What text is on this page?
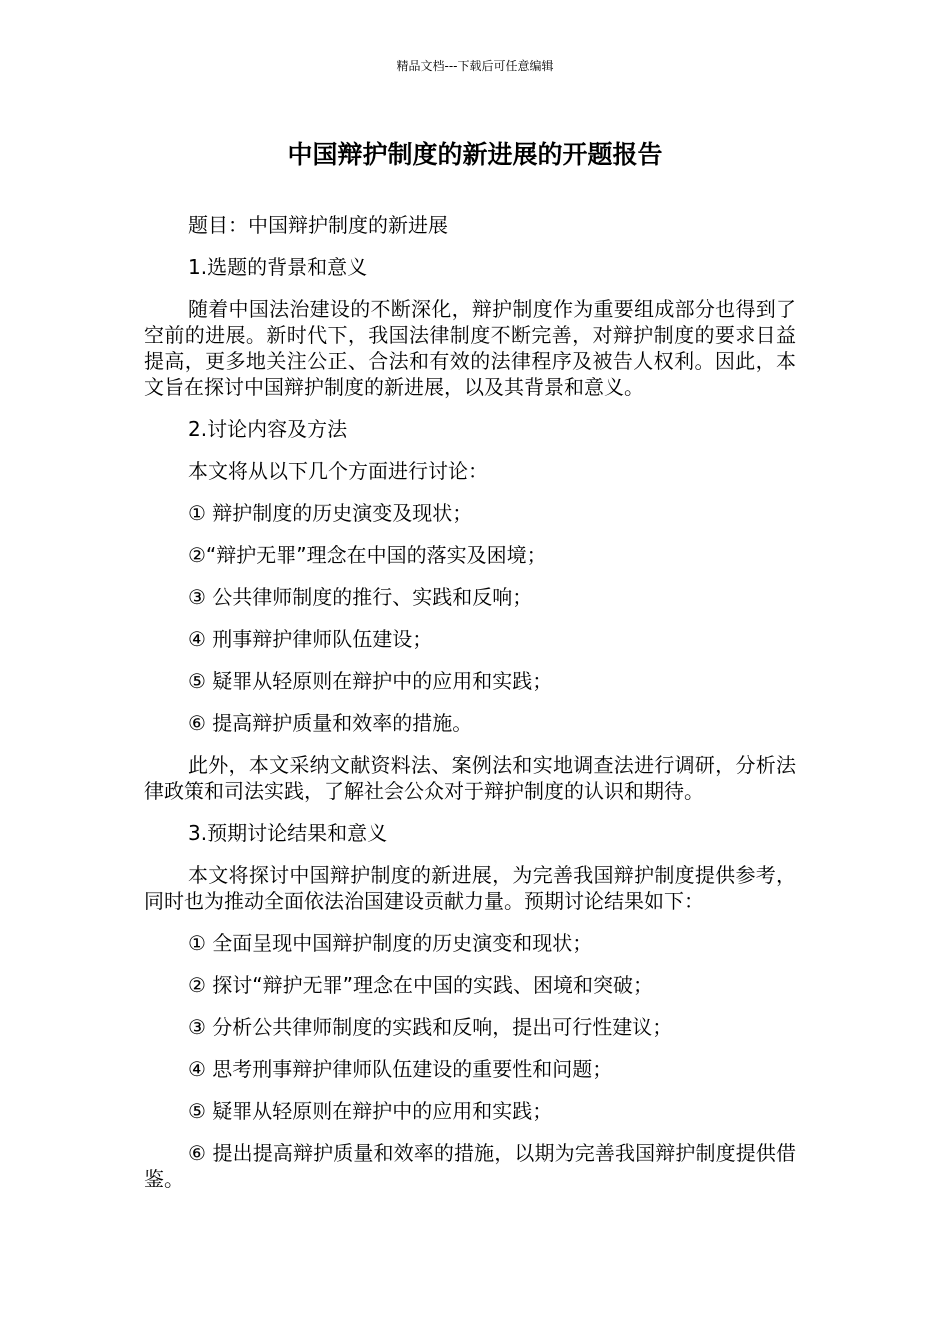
精品文档---下载后可任意编辑
中国辩护制度的新进展的开题报告

题目：中国辩护制度的新进展

1.选题的背景和意义

随着中国法治建设的不断深化，辩护制度作为重要组成部分也得到了空前的进展。新时代下，我国法律制度不断完善，对辩护制度的要求日益提高，更多地关注公正、合法和有效的法律程序及被告人权利。因此，本文旨在探讨中国辩护制度的新进展，以及其背景和意义。

2.讨论内容及方法

本文将从以下几个方面进行讨论：

① 辩护制度的历史演变及现状；

②“辩护无罪”理念在中国的落实及困境；

③ 公共律师制度的推行、实践和反响；

④ 刑事辩护律师队伍建设；

⑤ 疑罪从轻原则在辩护中的应用和实践；

⑥ 提高辩护质量和效率的措施。

此外，本文采纳文献资料法、案例法和实地调查法进行调研，分析法律政策和司法实践，了解社会公众对于辩护制度的认识和期待。

3.预期讨论结果和意义

本文将探讨中国辩护制度的新进展，为完善我国辩护制度提供参考，同时也为推动全面依法治国建设贡献力量。预期讨论结果如下：

① 全面呈现中国辩护制度的历史演变和现状；

② 探讨“辩护无罪”理念在中国的实践、困境和突破；

③ 分析公共律师制度的实践和反响，提出可行性建议；

④ 思考刑事辩护律师队伍建设的重要性和问题；

⑤ 疑罪从轻原则在辩护中的应用和实践；

⑥ 提出提高辩护质量和效率的措施，以期为完善我国辩护制度提供借鉴。
